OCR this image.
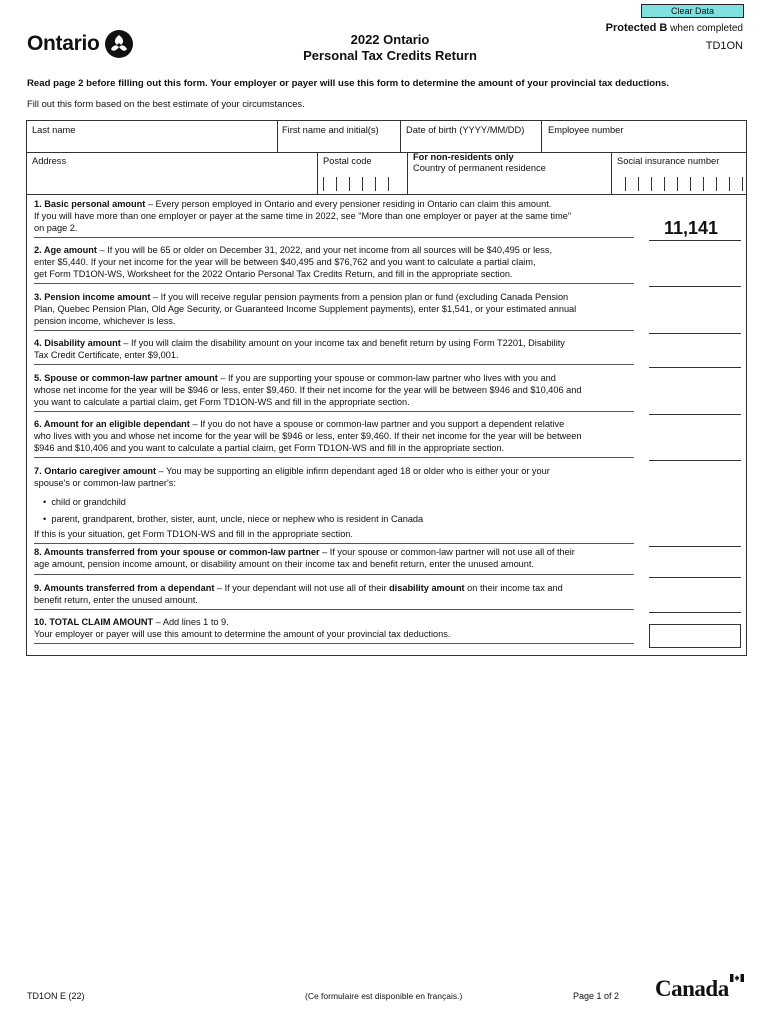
Clear Data
Ontario	2022 Ontario
Personal Tax Credits Return
Protected B when completed
TD1ON
Read page 2 before filling out this form. Your employer or payer will use this form to determine the amount of your provincial tax deductions.
Fill out this form based on the best estimate of your circumstances.
Last name	First name and initial(s)	Date of birth (YYYY/MM/DD)	Employee number
Address	Postal code	For non-residents only
Country of permanent residence
Social insurance number
1. Basic personal amount – Every person employed in Ontario and every pensioner residing in Ontario can claim this amount.
If you will have more than one employer or payer at the same time in 2022, see "More than one employer or payer at the same time"
on page 2.	11,141
2. Age amount – If you will be 65 or older on December 31, 2022, and your net income from all sources will be $40,495 or less,
enter $5,440. If your net income for the year will be between $40,495 and $76,762 and you want to calculate a partial claim,
get Form TD1ON-WS, Worksheet for the 2022 Ontario Personal Tax Credits Return, and fill in the appropriate section.
3. Pension income amount – If you will receive regular pension payments from a pension plan or fund (excluding Canada Pension
Plan, Quebec Pension Plan, Old Age Security, or Guaranteed Income Supplement payments), enter $1,541, or your estimated annual
pension income, whichever is less.
4. Disability amount – If you will claim the disability amount on your income tax and benefit return by using Form T2201, Disability
Tax Credit Certificate, enter $9,001.
5. Spouse or common-law partner amount – If you are supporting your spouse or common-law partner who lives with you and
whose net income for the year will be $946 or less, enter $9,460. If their net income for the year will be between $946 and $10,406 and
you want to calculate a partial claim, get Form TD1ON-WS and fill in the appropriate section.
6. Amount for an eligible dependant – If you do not have a spouse or common-law partner and you support a dependent relative
who lives with you and whose net income for the year will be $946 or less, enter $9,460. If their net income for the year will be between
$946 and $10,406 and you want to calculate a partial claim, get Form TD1ON-WS and fill in the appropriate section.
7. Ontario caregiver amount – You may be supporting an eligible infirm dependant aged 18 or older who is either your or your
spouse's or common-law partner's:
•  child or grandchild
•  parent, grandparent, brother, sister, aunt, uncle, niece or nephew who is resident in Canada
If this is your situation, get Form TD1ON-WS and fill in the appropriate section.
8. Amounts transferred from your spouse or common-law partner – If your spouse or common-law partner will not use all of their
age amount, pension income amount, or disability amount on their income tax and benefit return, enter the unused amount.
9. Amounts transferred from a dependant – If your dependant will not use all of their disability amount on their income tax and
benefit return, enter the unused amount.
10. TOTAL CLAIM AMOUNT – Add lines 1 to 9.
Your employer or payer will use this amount to determine the amount of your provincial tax deductions.
TD1ON E (22)	(Ce formulaire est disponible en français.)	Page 1 of 2 Canada
